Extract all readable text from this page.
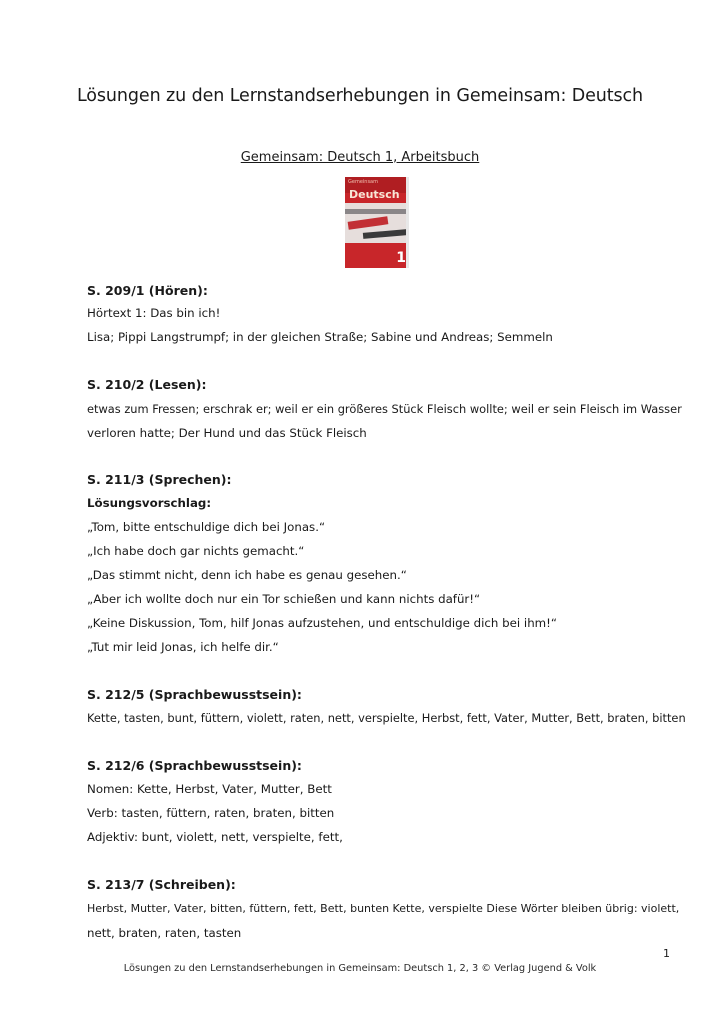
Lösungen zu den Lernstandserhebungen in Gemeinsam: Deutsch
Gemeinsam: Deutsch 1, Arbeitsbuch
Gemeinsam
Deutsch
1
S. 209/1 (Hören):
Hörtext 1: Das bin ich!
Lisa; Pippi Langstrumpf; in der gleichen Straße; Sabine und Andreas; Semmeln
S. 210/2 (Lesen):
etwas zum Fressen; erschrak er; weil er ein größeres Stück Fleisch wollte; weil er sein Fleisch im Wasser
verloren hatte; Der Hund und das Stück Fleisch
S. 211/3 (Sprechen):
Lösungsvorschlag:
„Tom, bitte entschuldige dich bei Jonas.“
„Ich habe doch gar nichts gemacht.“
„Das stimmt nicht, denn ich habe es genau gesehen.“
„Aber ich wollte doch nur ein Tor schießen und kann nichts dafür!“
„Keine Diskussion, Tom, hilf Jonas aufzustehen, und entschuldige dich bei ihm!“
„Tut mir leid Jonas, ich helfe dir.“
S. 212/5 (Sprachbewusstsein):
Kette, tasten, bunt, füttern, violett, raten, nett, verspielte, Herbst, fett, Vater, Mutter, Bett, braten, bitten
S. 212/6 (Sprachbewusstsein):
Nomen: Kette, Herbst, Vater, Mutter, Bett
Verb: tasten, füttern, raten, braten, bitten
Adjektiv: bunt, violett, nett, verspielte, fett,
S. 213/7 (Schreiben):
Herbst, Mutter, Vater, bitten, füttern, fett, Bett, bunten Kette, verspielte Diese Wörter bleiben übrig: violett,
nett, braten, raten, tasten
1
Lösungen zu den Lernstandserhebungen in Gemeinsam: Deutsch 1, 2, 3 © Verlag Jugend & Volk
